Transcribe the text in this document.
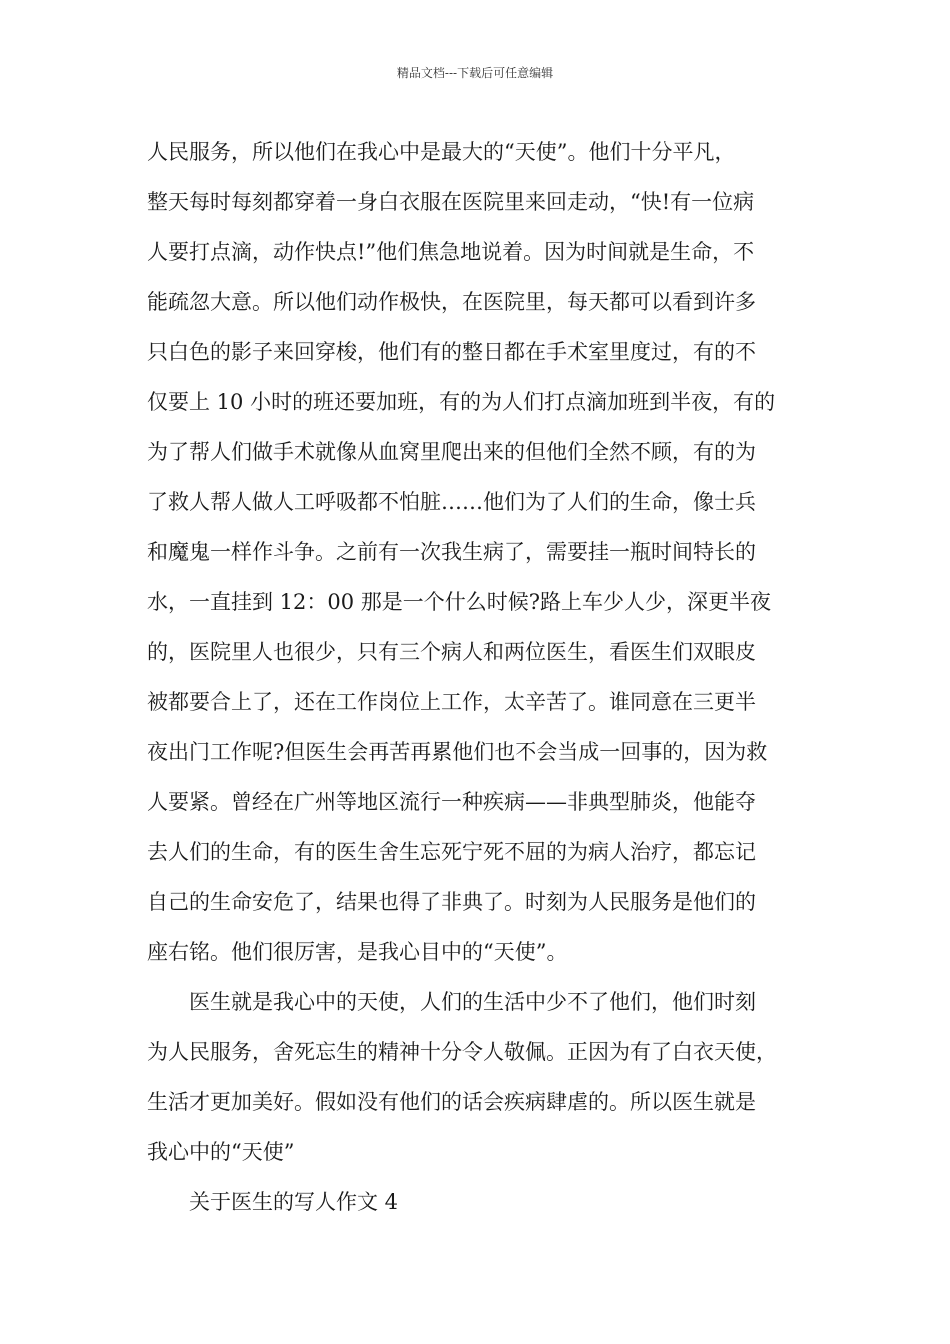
精品文档---下载后可任意编辑
人民服务，所以他们在我心中是最大的“天使”。他们十分平凡，
整天每时每刻都穿着一身白衣服在医院里来回走动，“快!有一位病
人要打点滴，动作快点!”他们焦急地说着。因为时间就是生命，不
能疏忽大意。所以他们动作极快，在医院里，每天都可以看到许多
只白色的影子来回穿梭，他们有的整日都在手术室里度过，有的不
仅要上 10 小时的班还要加班，有的为人们打点滴加班到半夜，有的
为了帮人们做手术就像从血窝里爬出来的但他们全然不顾，有的为
了救人帮人做人工呼吸都不怕脏……他们为了人们的生命，像士兵
和魔鬼一样作斗争。之前有一次我生病了，需要挂一瓶时间特长的
水，一直挂到 12：00 那是一个什么时候?路上车少人少，深更半夜
的，医院里人也很少，只有三个病人和两位医生，看医生们双眼皮
被都要合上了，还在工作岗位上工作，太辛苦了。谁同意在三更半
夜出门工作呢?但医生会再苦再累他们也不会当成一回事的，因为救
人要紧。曾经在广州等地区流行一种疾病——非典型肺炎，他能夺
去人们的生命，有的医生舍生忘死宁死不屈的为病人治疗，都忘记
自己的生命安危了，结果也得了非典了。时刻为人民服务是他们的
座右铭。他们很厉害，是我心目中的“天使”。
医生就是我心中的天使，人们的生活中少不了他们，他们时刻
为人民服务，舍死忘生的精神十分令人敬佩。正因为有了白衣天使，
生活才更加美好。假如没有他们的话会疾病肆虐的。所以医生就是
我心中的“天使”
关于医生的写人作文 4
